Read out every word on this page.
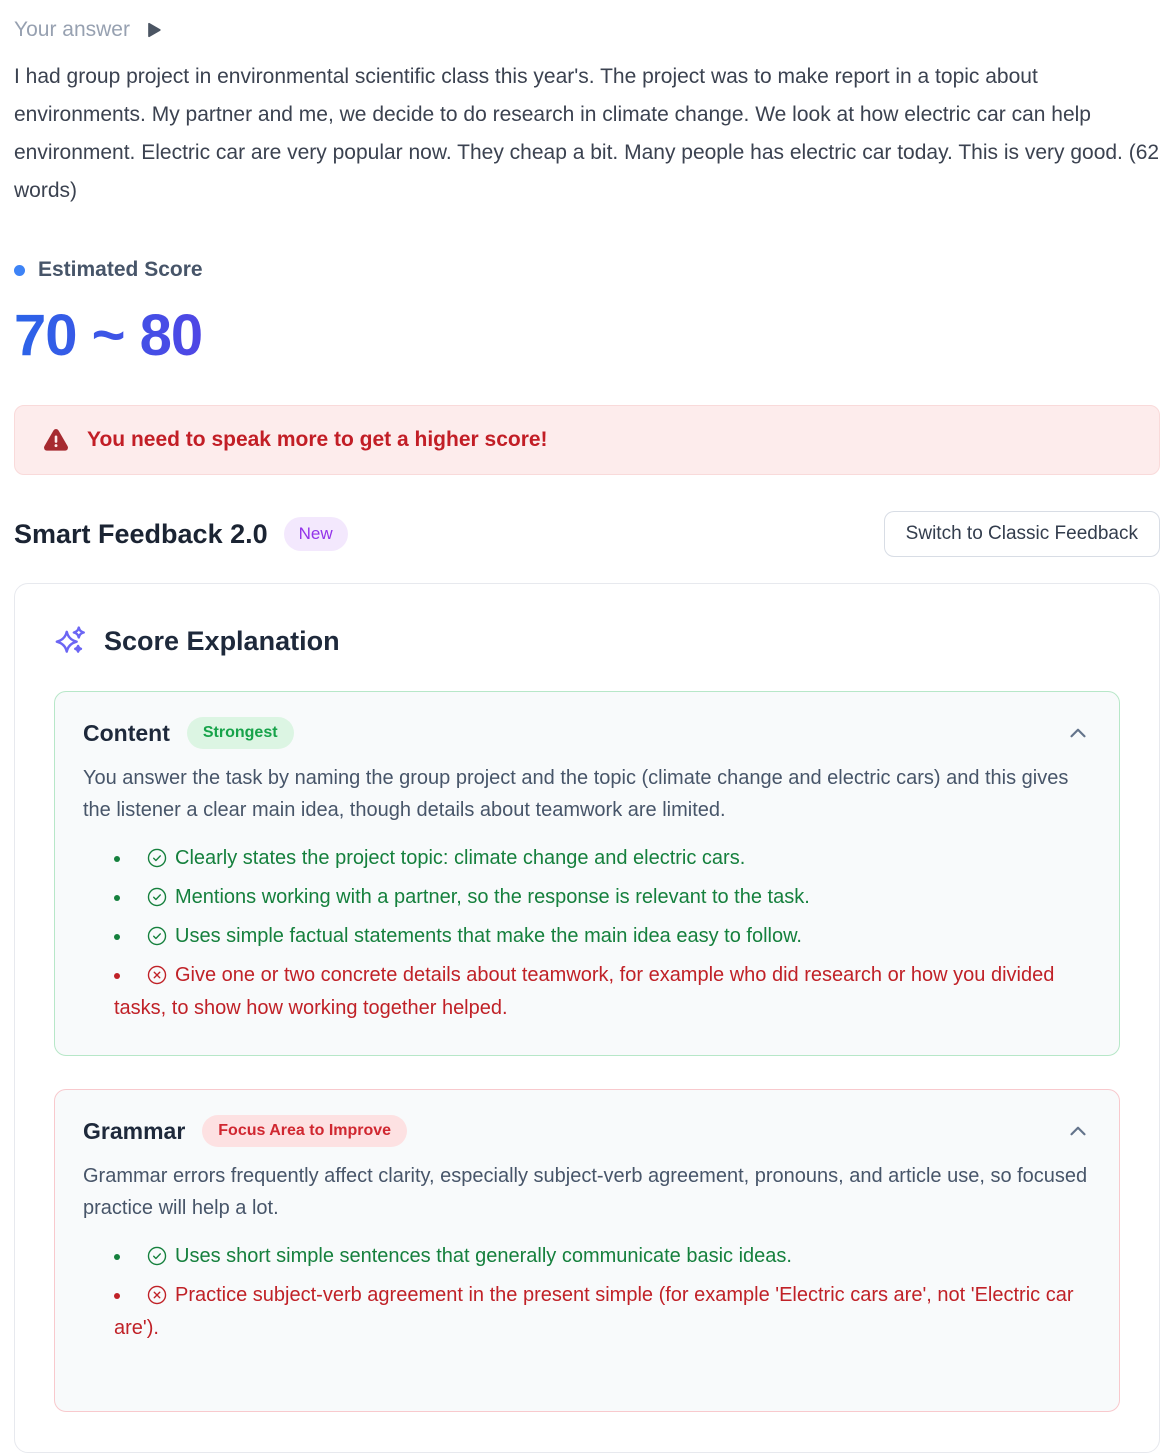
Your answer

I had group project in environmental scientific class this year's. The project was to make report in a topic about environments. My partner and me, we decide to do research in climate change. We look at how electric car can help environment. Electric car are very popular now. They cheap a bit. Many people has electric car today. This is very good. (62 words)

Estimated Score
70 ~ 80
You need to speak more to get a higher score!
Smart Feedback 2.0	New	Switch to Classic Feedback
Score Explanation
Content	Strongest

You answer the task by naming the group project and the topic (climate change and electric cars) and this gives the listener a clear main idea, though details about teamwork are limited.

• Clearly states the project topic: climate change and electric cars.
• Mentions working with a partner, so the response is relevant to the task.
• Uses simple factual statements that make the main idea easy to follow.
• Give one or two concrete details about teamwork, for example who did research or how you divided tasks, to show how working together helped.
Grammar	Focus Area to Improve

Grammar errors frequently affect clarity, especially subject-verb agreement, pronouns, and article use, so focused practice will help a lot.

• Uses short simple sentences that generally communicate basic ideas.
• Practice subject-verb agreement in the present simple (for example 'Electric cars are', not 'Electric car are').
